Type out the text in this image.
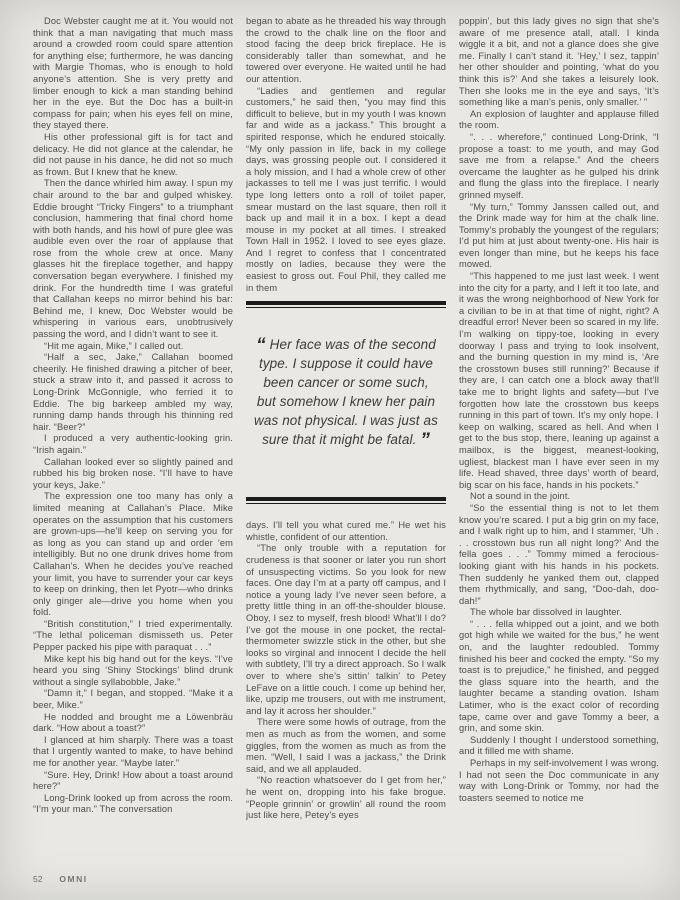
Doc Webster caught me at it. You would not think that a man navigating that much mass around a crowded room could spare attention for anything else; furthermore, he was dancing with Margie Thomas, who is enough to hold anyone’s attention. She is very pretty and limber enough to kick a man standing behind her in the eye. But the Doc has a built-in compass for pain; when his eyes fell on mine, they stayed there.

His other professional gift is for tact and delicacy. He did not glance at the calendar, he did not pause in his dance, he did not so much as frown. But I knew that he knew.

Then the dance whirled him away. I spun my chair around to the bar and gulped whiskey. Eddie brought “Tricky Fingers” to a triumphant conclusion, hammering that final chord home with both hands, and his howl of pure glee was audible even over the roar of applause that rose from the whole crew at once. Many glasses hit the fireplace together, and happy conversation began everywhere. I finished my drink. For the hundredth time I was grateful that Callahan keeps no mirror behind his bar: Behind me, I knew, Doc Webster would be whispering in various ears, unobtrusively passing the word, and I didn’t want to see it.

“Hit me again, Mike,” I called out.

“Half a sec, Jake,” Callahan boomed cheerily. He finished drawing a pitcher of beer, stuck a straw into it, and passed it across to Long-Drink McGonnigle, who ferried it to Eddie. The big barkeep ambled my way, running damp hands through his thinning red hair. “Beer?”

I produced a very authentic-looking grin. “Irish again.”

Callahan looked ever so slightly pained and rubbed his big broken nose. “I’ll have to have your keys, Jake.”

The expression one too many has only a limited meaning at Callahan’s Place. Mike operates on the assumption that his customers are grown-ups—he’ll keep on serving you for as long as you can stand up and order ’em intelligibly. But no one drunk drives home from Callahan’s. When he decides you’ve reached your limit, you have to surrender your car keys to keep on drinking, then let Pyotr—who drinks only ginger ale—drive you home when you fold.

“British constitution,” I tried experimentally. “The lethal policeman dismisseth us. Peter Pepper packed his pipe with paraquat . . .”

Mike kept his big hand out for the keys. “I’ve heard you sing ‘Shiny Stockings’ blind drunk without a single syllabobble, Jake.”

“Damn it,” I began, and stopped. “Make it a beer, Mike.”

He nodded and brought me a Löwenbräu dark. “How about a toast?”

I glanced at him sharply. There was a toast that I urgently wanted to make, to have behind me for another year. “Maybe later.”

“Sure. Hey, Drink! How about a toast around here?”

Long-Drink looked up from across the room. “I’m your man.” The conversation

began to abate as he threaded his way through the crowd to the chalk line on the floor and stood facing the deep brick fireplace. He is considerably taller than somewhat, and he towered over everyone. He waited until he had our attention.

“Ladies and gentlemen and regular customers,” he said then, “you may find this difficult to believe, but in my youth I was known far and wide as a jackass.” This brought a spirited response, which he endured stoically. “My only passion in life, back in my college days, was grossing people out. I considered it a holy mission, and I had a whole crew of other jackasses to tell me I was just terrific. I would type long letters onto a roll of toilet paper, smear mustard on the last square, then roll it back up and mail it in a box. I kept a dead mouse in my pocket at all times. I streaked Town Hall in 1952. I loved to see eyes glaze. And I regret to confess that I concentrated mostly on ladies, because they were the easiest to gross out. Foul Phil, they called me in them

“ Her face was of the second type. I suppose it could have been cancer or some such, but somehow I knew her pain was not physical. I was just as sure that it might be fatal. ”

days. I’ll tell you what cured me.” He wet his whistle, confident of our attention.

“The only trouble with a reputation for crudeness is that sooner or later you run short of unsuspecting victims. So you look for new faces. One day I’m at a party off campus, and I notice a young lady I’ve never seen before, a pretty little thing in an off-the-shoulder blouse. Oboy, I sez to myself, fresh blood! What’ll I do? I’ve got the mouse in one pocket, the rectal-thermometer swizzle stick in the other, but she looks so virginal and innocent I decide the hell with subtlety, I’ll try a direct approach. So I walk over to where she’s sittin’ talkin’ to Petey LeFave on a little couch. I come up behind her, like, upzip me trousers, out with me instrument, and lay it across her shoulder.”

There were some howls of outrage, from the men as much as from the women, and some giggles, from the women as much as from the men. “Well, I said I was a jackass,” the Drink said, and we all applauded.

“No reaction whatsoever do I get from her,” he went on, dropping into his fake brogue. “People grinnin’ or growlin’ all round the room just like here, Petey’s eyes

poppin’, but this lady gives no sign that she’s aware of me presence atall, atall. I kinda wiggle it a bit, and not a glance does she give me. Finally I can’t stand it. ‘Hey,’ I sez, tappin’ her other shoulder and pointing, ‘what do you think this is?’ And she takes a leisurely look. Then she looks me in the eye and says, ‘It’s something like a man’s penis, only smaller.’ ”

An explosion of laughter and applause filled the room.

“. . . wherefore,” continued Long-Drink, “I propose a toast: to me youth, and may God save me from a relapse.” And the cheers overcame the laughter as he gulped his drink and flung the glass into the fireplace. I nearly grinned myself.

“My turn,” Tommy Janssen called out, and the Drink made way for him at the chalk line. Tommy’s probably the youngest of the regulars; I’d put him at just about twenty-one. His hair is even longer than mine, but he keeps his face mowed.

“This happened to me just last week. I went into the city for a party, and I left it too late, and it was the wrong neighborhood of New York for a civilian to be in at that time of night, right? A dreadful error! Never been so scared in my life. I’m walking on tippy-toe, looking in every doorway I pass and trying to look insolvent, and the burning question in my mind is, ‘Are the crosstown buses still running?’ Because if they are, I can catch one a block away that’ll take me to bright lights and safety—but I’ve forgotten how late the crosstown bus keeps running in this part of town. It’s my only hope. I keep on walking, scared as hell. And when I get to the bus stop, there, leaning up against a mailbox, is the biggest, meanest-looking, ugliest, blackest man I have ever seen in my life. Head shaved, three days’ worth of beard, big scar on his face, hands in his pockets.”

Not a sound in the joint.

“So the essential thing is not to let them know you’re scared. I put a big grin on my face, and I walk right up to him, and I stammer, ‘Uh . . . crosstown bus run all night long?’ And the fella goes . . .” Tommy mimed a ferocious-looking giant with his hands in his pockets. Then suddenly he yanked them out, clapped them rhythmically, and sang, “Doo-dah, doo-dah!”

The whole bar dissolved in laughter.

“ . . . fella whipped out a joint, and we both got high while we waited for the bus,” he went on, and the laughter redoubled. Tommy finished his beer and cocked the empty. “So my toast is to prejudice,” he finished, and pegged the glass square into the hearth, and the laughter became a standing ovation. Isham Latimer, who is the exact color of recording tape, came over and gave Tommy a beer, a grin, and some skin.

Suddenly I thought I understood something, and it filled me with shame.

Perhaps in my self-involvement I was wrong. I had not seen the Doc communicate in any way with Long-Drink or Tommy, nor had the toasters seemed to notice me

52 OMNI
